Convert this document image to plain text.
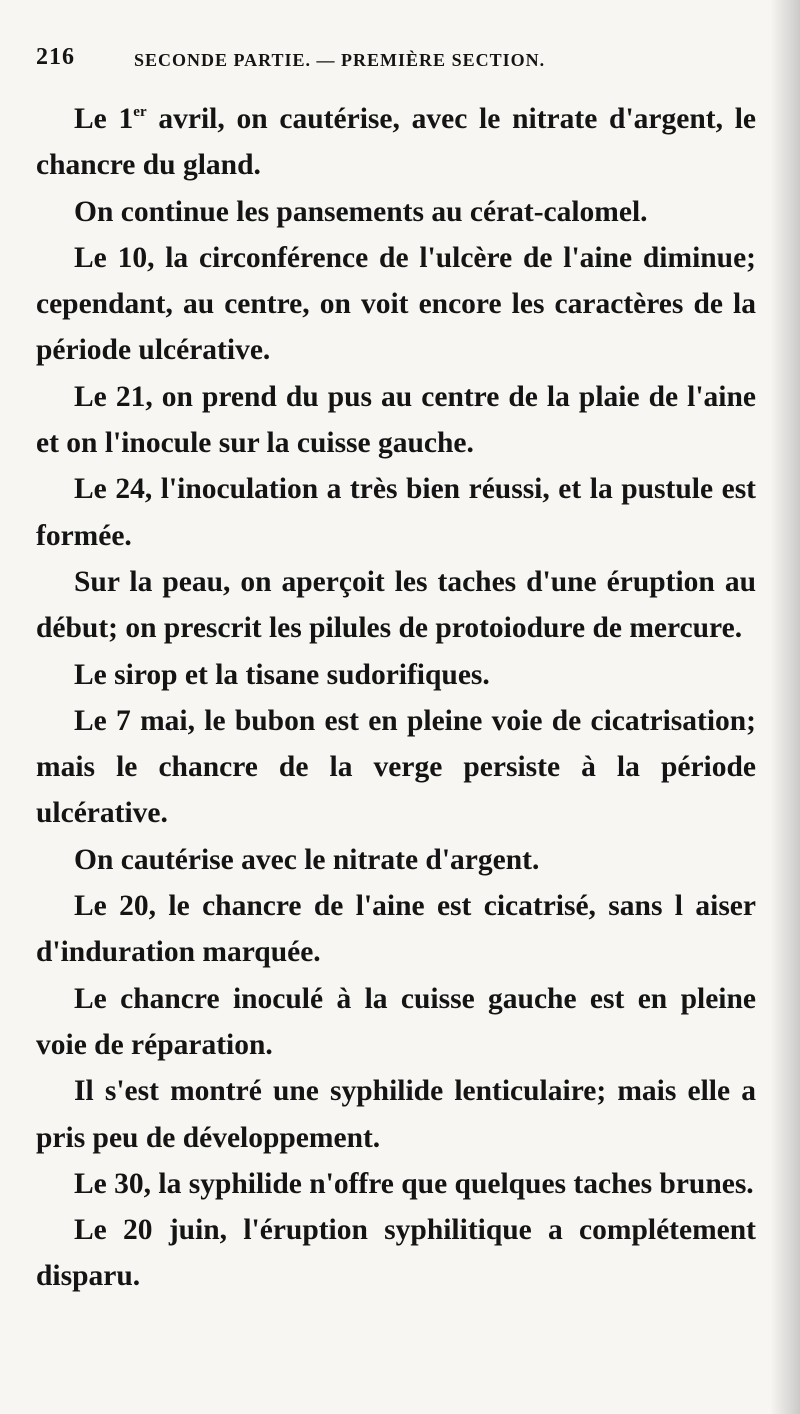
216	SECONDE PARTIE. — PREMIÈRE SECTION.

Le 1er avril, on cautérise, avec le nitrate d'argent, le chancre du gland.

On continue les pansements au cérat-calomel.

Le 10, la circonférence de l'ulcère de l'aine diminue; cependant, au centre, on voit encore les caractères de la période ulcérative.

Le 21, on prend du pus au centre de la plaie de l'aine et on l'inocule sur la cuisse gauche.

Le 24, l'inoculation a très bien réussi, et la pustule est formée.

Sur la peau, on aperçoit les taches d'une éruption au début; on prescrit les pilules de protoiodure de mercure.

Le sirop et la tisane sudorifiques.

Le 7 mai, le bubon est en pleine voie de cicatrisation; mais le chancre de la verge persiste à la période ulcérative.

On cautérise avec le nitrate d'argent.

Le 20, le chancre de l'aine est cicatrisé, sans l aiser d'induration marquée.

Le chancre inoculé à la cuisse gauche est en pleine voie de réparation.

Il s'est montré une syphilide lenticulaire; mais elle a pris peu de développement.

Le 30, la syphilide n'offre que quelques taches brunes.

Le 20 juin, l'éruption syphilitique a complétement disparu.
